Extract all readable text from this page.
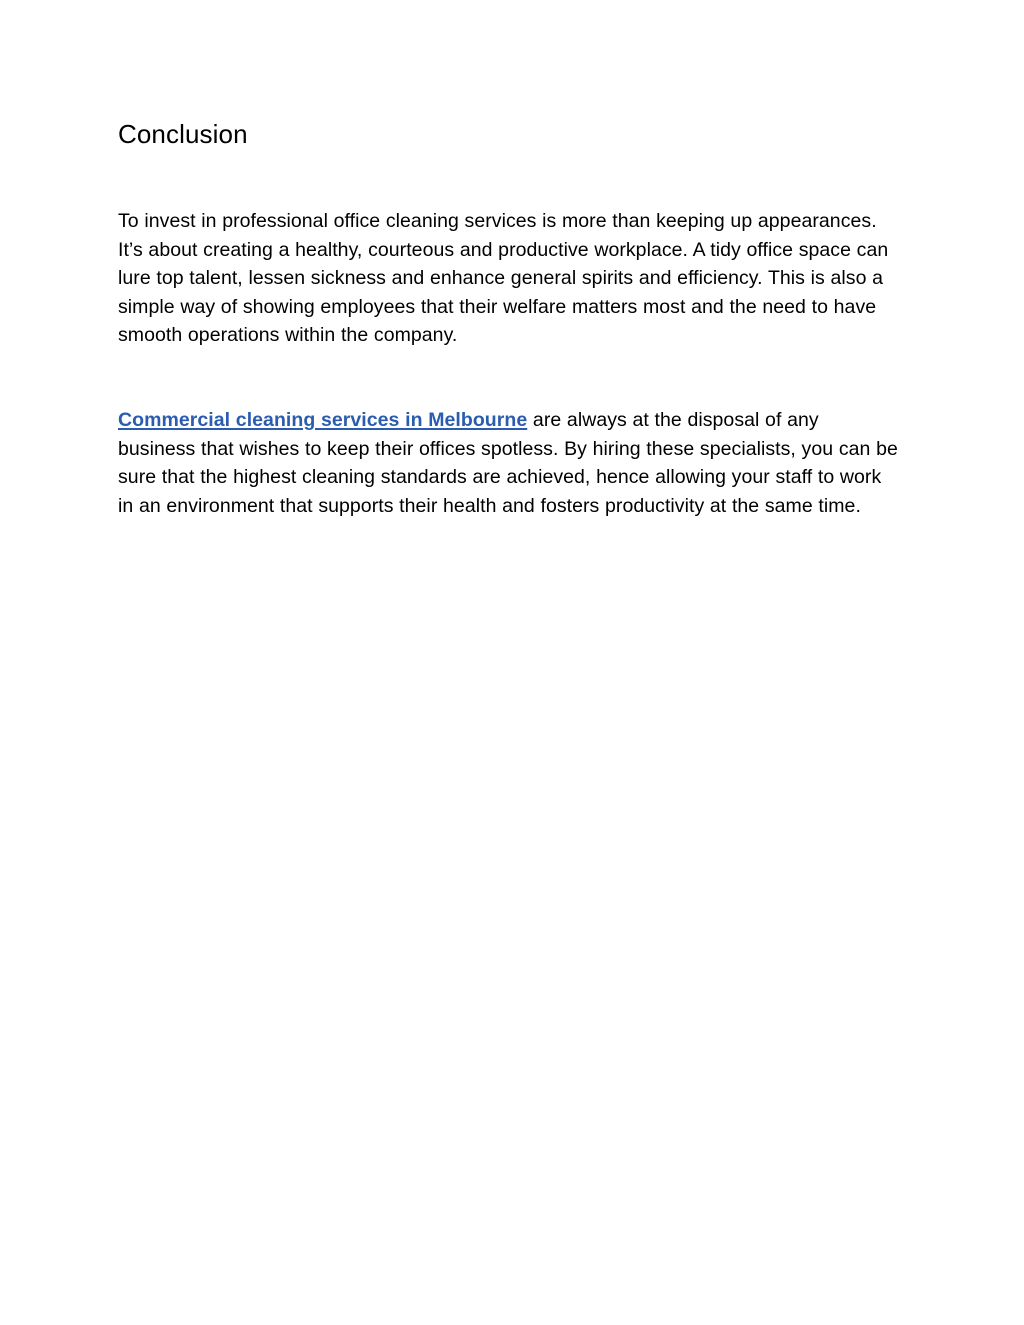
Conclusion

To invest in professional office cleaning services is more than keeping up appearances. It’s about creating a healthy, courteous and productive workplace. A tidy office space can lure top talent, lessen sickness and enhance general spirits and efficiency. This is also a simple way of showing employees that their welfare matters most and the need to have smooth operations within the company.

Commercial cleaning services in Melbourne are always at the disposal of any business that wishes to keep their offices spotless. By hiring these specialists, you can be sure that the highest cleaning standards are achieved, hence allowing your staff to work in an environment that supports their health and fosters productivity at the same time.
